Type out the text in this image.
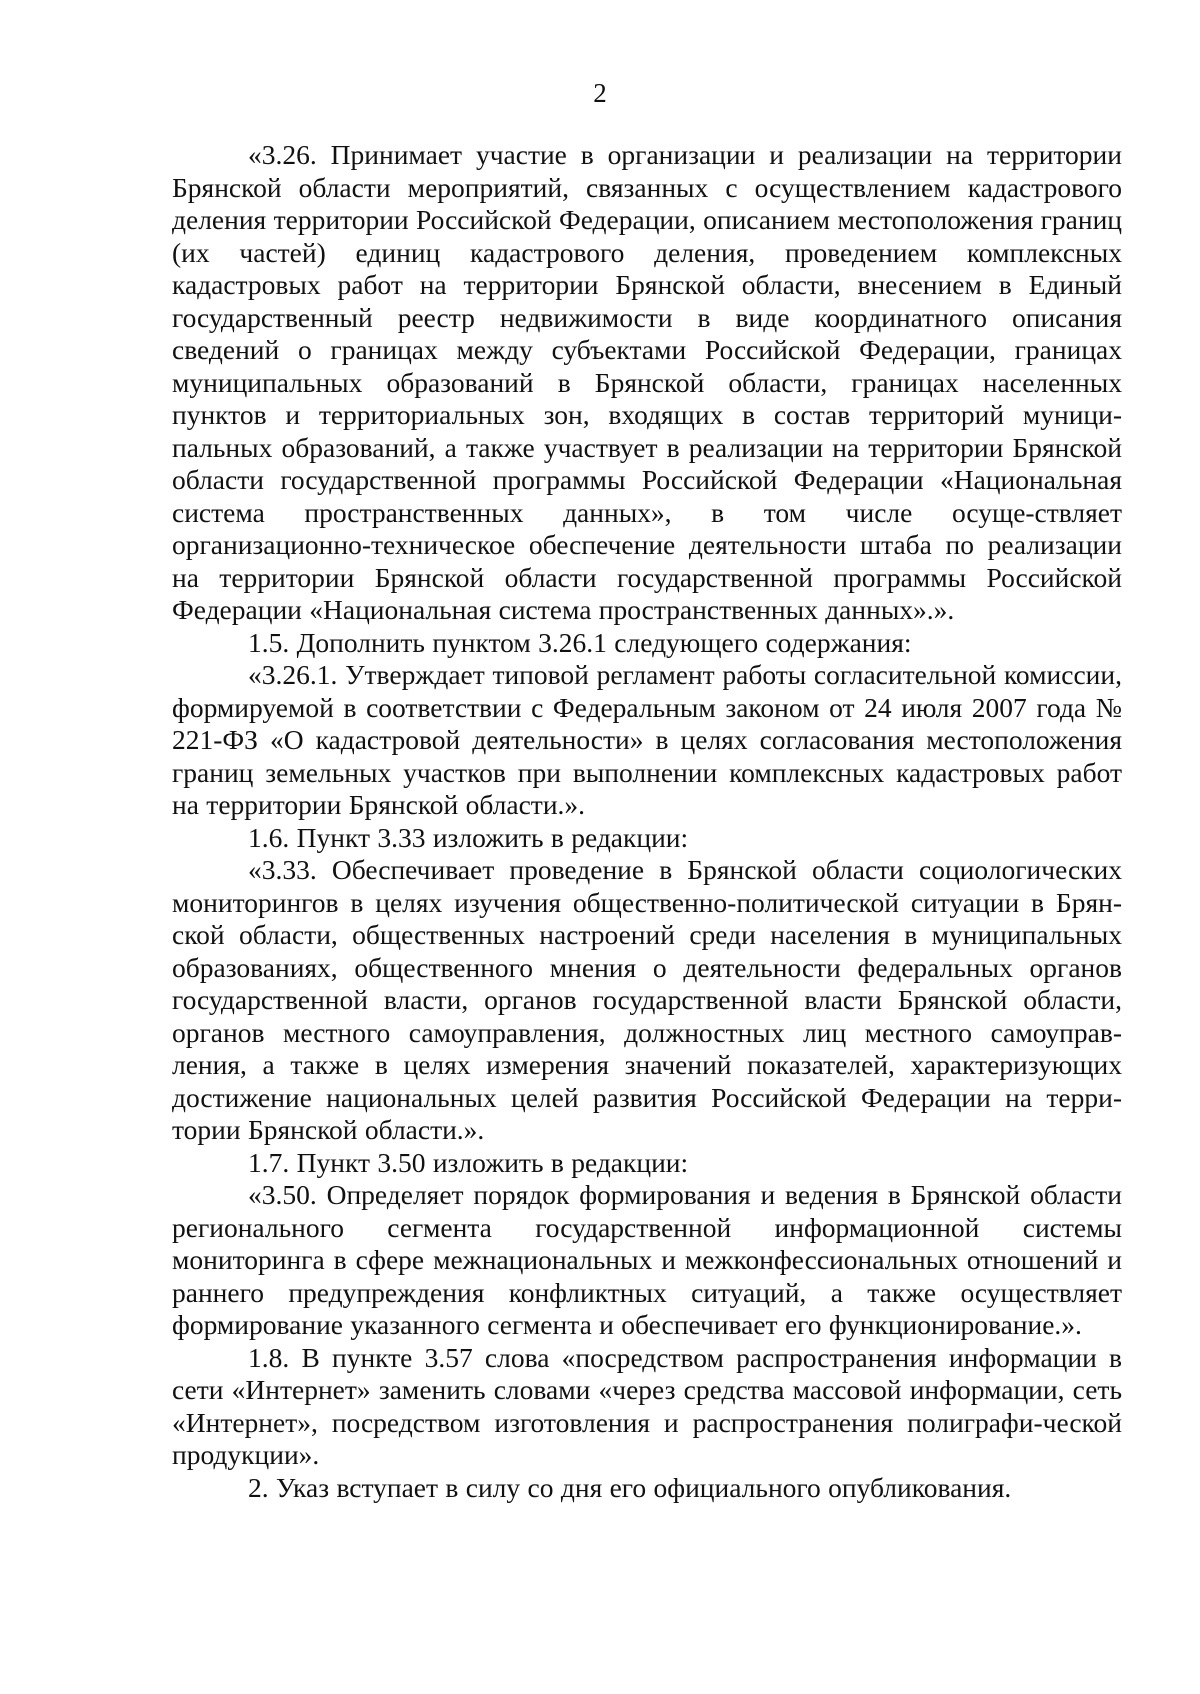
2

«3.26. Принимает участие в организации и реализации на территории Брянской области мероприятий, связанных с осуществлением кадастрового деления территории Российской Федерации, описанием местоположения границ (их частей) единиц кадастрового деления, проведением комплексных кадастровых работ на территории Брянской области, внесением в Единый государственный реестр недвижимости в виде координатного описания сведений о границах между субъектами Российской Федерации, границах муниципальных образований в Брянской области, границах населенных пунктов и территориальных зон, входящих в состав территорий муници-пальных образований, а также участвует в реализации на территории Брянской области государственной программы Российской Федерации «Национальная система пространственных данных», в том числе осуще-ствляет организационно-техническое обеспечение деятельности штаба по реализации на территории Брянской области государственной программы Российской Федерации «Национальная система пространственных данных».».

1.5. Дополнить пунктом 3.26.1 следующего содержания:

«3.26.1. Утверждает типовой регламент работы согласительной комиссии, формируемой в соответствии с Федеральным законом от 24 июля 2007 года № 221-ФЗ «О кадастровой деятельности» в целях согласования местоположения границ земельных участков при выполнении комплексных кадастровых работ на территории Брянской области.».

1.6. Пункт 3.33 изложить в редакции:

«3.33. Обеспечивает проведение в Брянской области социологических мониторингов в целях изучения общественно-политической ситуации в Брян-ской области, общественных настроений среди населения в муниципальных образованиях, общественного мнения о деятельности федеральных органов государственной власти, органов государственной власти Брянской области, органов местного самоуправления, должностных лиц местного самоуправ-ления, а также в целях измерения значений показателей, характеризующих достижение национальных целей развития Российской Федерации на терри-тории Брянской области.».

1.7. Пункт 3.50 изложить в редакции:

«3.50. Определяет порядок формирования и ведения в Брянской области регионального сегмента государственной информационной системы мониторинга в сфере межнациональных и межконфессиональных отношений и раннего предупреждения конфликтных ситуаций, а также осуществляет формирование указанного сегмента и обеспечивает его функционирование.».

1.8. В пункте 3.57 слова «посредством распространения информации в сети «Интернет» заменить словами «через средства массовой информации, сеть «Интернет», посредством изготовления и распространения полиграфи-ческой продукции».

2. Указ вступает в силу со дня его официального опубликования.
